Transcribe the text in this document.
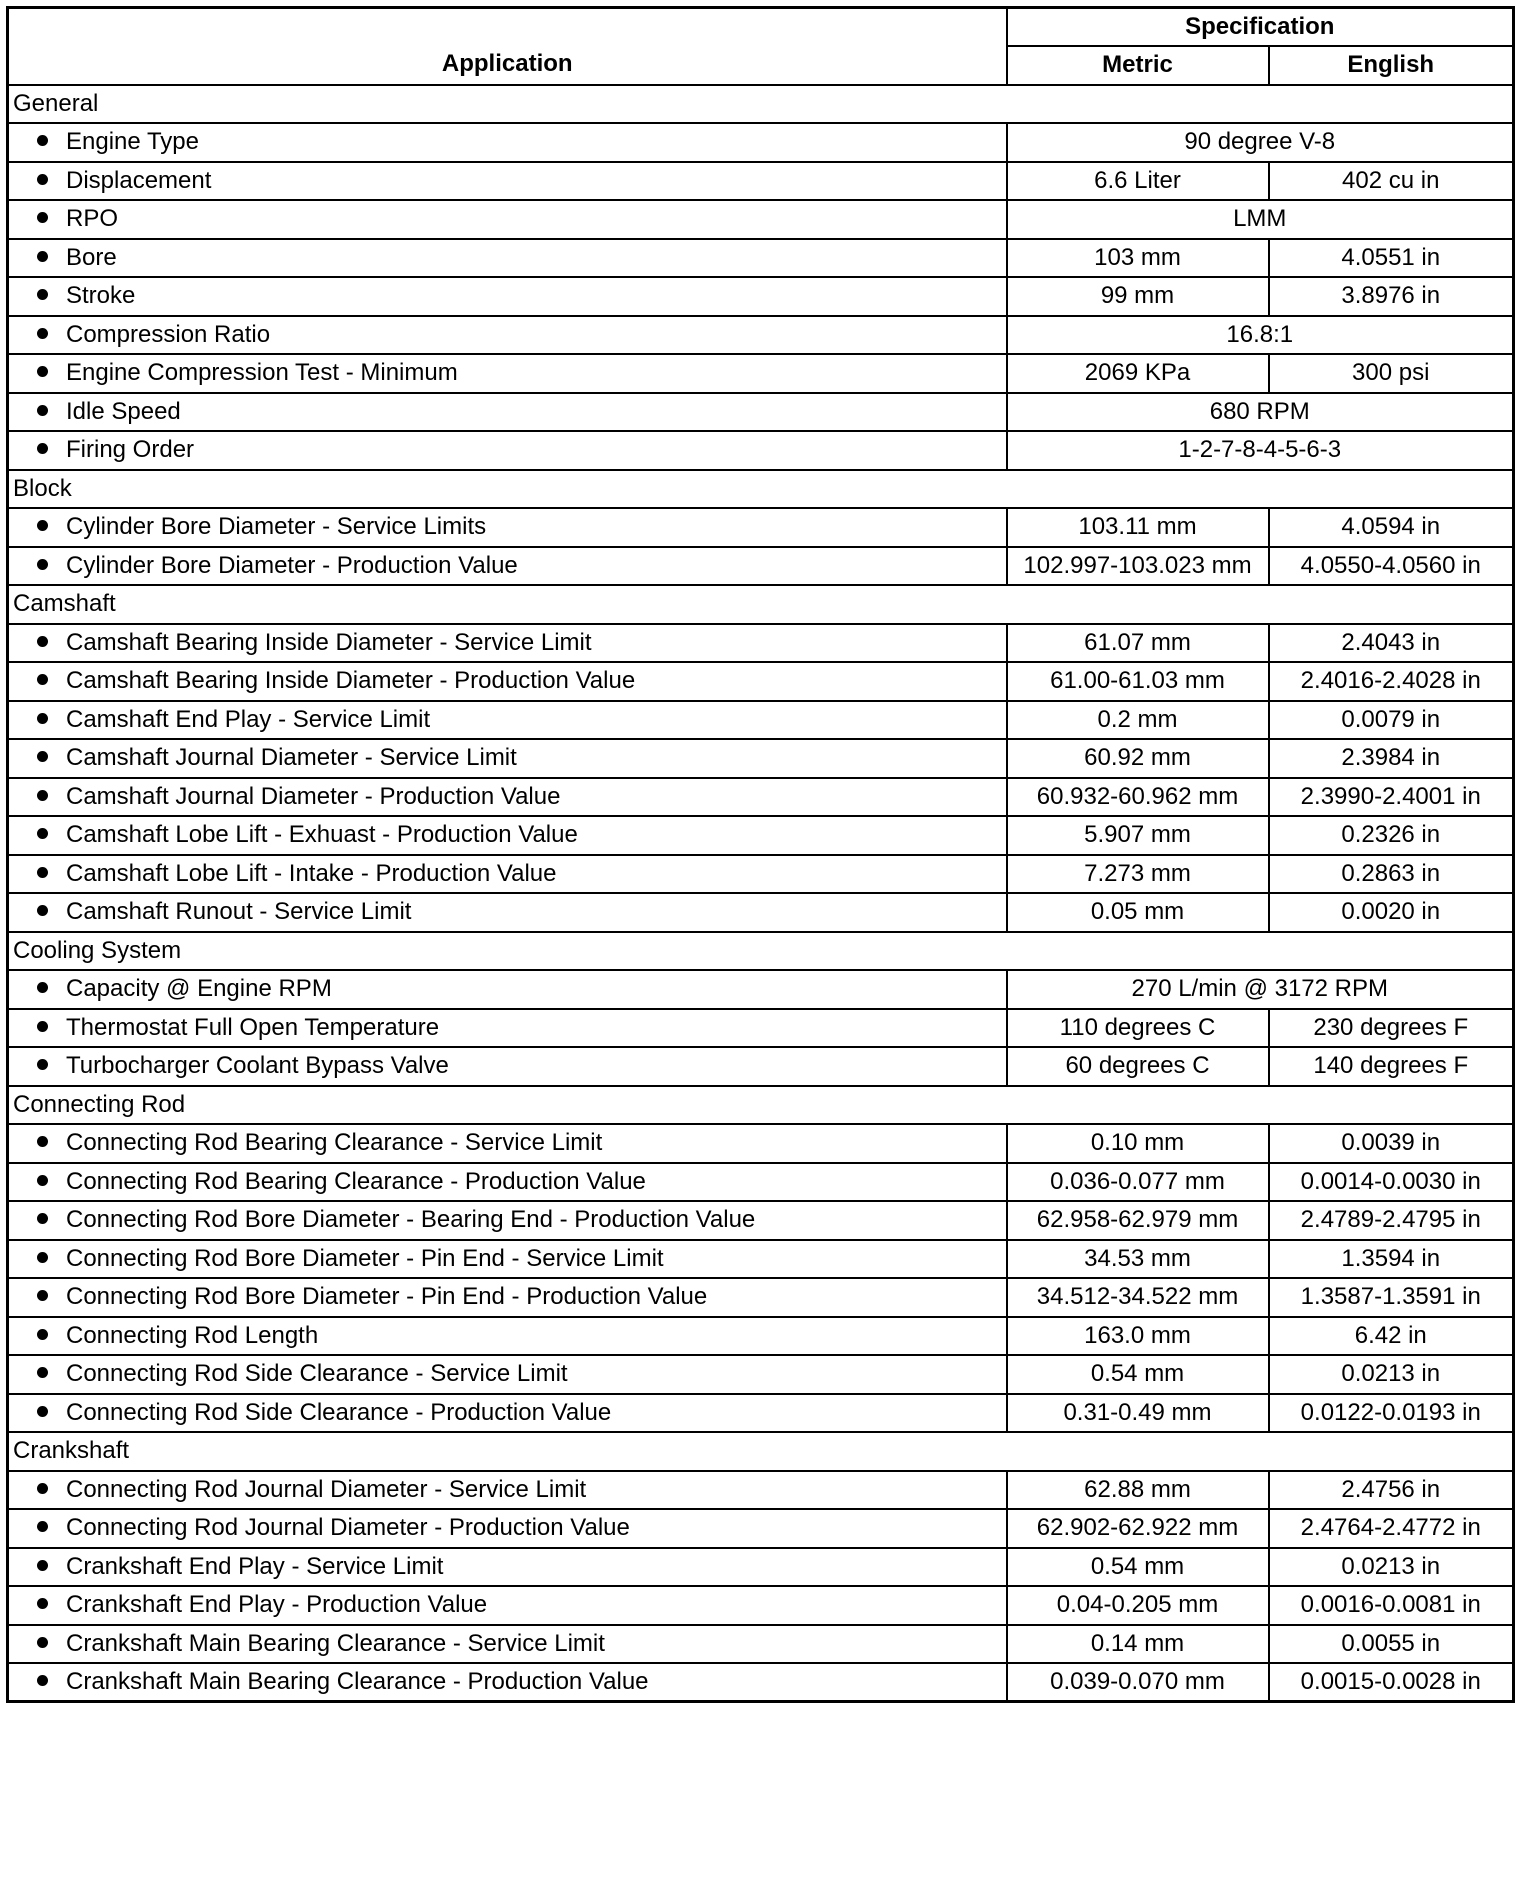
Application	Specification	
	Metric	English
General		
Engine Type	90 degree V-8	
Displacement	6.6 Liter	402 cu in
RPO	LMM	
Bore	103 mm	4.0551 in
Stroke	99 mm	3.8976 in
Compression Ratio	16.8:1	
Engine Compression Test - Minimum	2069 KPa	300 psi
Idle Speed	680 RPM	
Firing Order	1-2-7-8-4-5-6-3	
Block		
Cylinder Bore Diameter - Service Limits	103.11 mm	4.0594 in
Cylinder Bore Diameter - Production Value	102.997-103.023 mm	4.0550-4.0560 in
Camshaft		
Camshaft Bearing Inside Diameter - Service Limit	61.07 mm	2.4043 in
Camshaft Bearing Inside Diameter - Production Value	61.00-61.03 mm	2.4016-2.4028 in
Camshaft End Play - Service Limit	0.2 mm	0.0079 in
Camshaft Journal Diameter - Service Limit	60.92 mm	2.3984 in
Camshaft Journal Diameter - Production Value	60.932-60.962 mm	2.3990-2.4001 in
Camshaft Lobe Lift - Exhuast - Production Value	5.907 mm	0.2326 in
Camshaft Lobe Lift - Intake - Production Value	7.273 mm	0.2863 in
Camshaft Runout - Service Limit	0.05 mm	0.0020 in
Cooling System		
Capacity @ Engine RPM	270 L/min @ 3172 RPM	
Thermostat Full Open Temperature	110 degrees C	230 degrees F
Turbocharger Coolant Bypass Valve	60 degrees C	140 degrees F
Connecting Rod		
Connecting Rod Bearing Clearance - Service Limit	0.10 mm	0.0039 in
Connecting Rod Bearing Clearance - Production Value	0.036-0.077 mm	0.0014-0.0030 in
Connecting Rod Bore Diameter - Bearing End - Production Value	62.958-62.979 mm	2.4789-2.4795 in
Connecting Rod Bore Diameter - Pin End - Service Limit	34.53 mm	1.3594 in
Connecting Rod Bore Diameter - Pin End - Production Value	34.512-34.522 mm	1.3587-1.3591 in
Connecting Rod Length	163.0 mm	6.42 in
Connecting Rod Side Clearance - Service Limit	0.54 mm	0.0213 in
Connecting Rod Side Clearance - Production Value	0.31-0.49 mm	0.0122-0.0193 in
Crankshaft		
Connecting Rod Journal Diameter - Service Limit	62.88 mm	2.4756 in
Connecting Rod Journal Diameter - Production Value	62.902-62.922 mm	2.4764-2.4772 in
Crankshaft End Play - Service Limit	0.54 mm	0.0213 in
Crankshaft End Play - Production Value	0.04-0.205 mm	0.0016-0.0081 in
Crankshaft Main Bearing Clearance - Service Limit	0.14 mm	0.0055 in
Crankshaft Main Bearing Clearance - Production Value	0.039-0.070 mm	0.0015-0.0028 in
